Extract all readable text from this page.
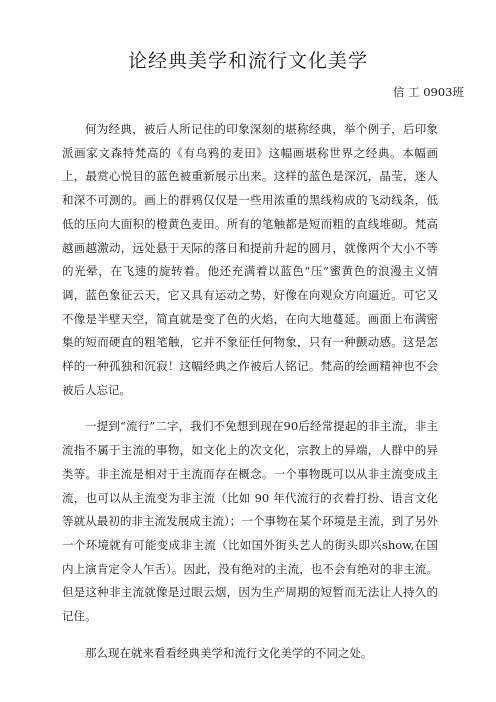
论经典美学和流行文化美学

信 工 0903班

何为经典，被后人所记住的印象深刻的堪称经典，举个例子，后印象派画家文森特梵高的《有乌鸦的麦田》这幅画堪称世界之经典。本幅画上，最赏心悦目的蓝色被重新展示出来。这样的蓝色是深沉，晶莹，迷人和深不可测的。画上的群鸦仅仅是一些用浓重的黑线构成的飞动线条，低低的压向大面积的橙黄色麦田。所有的笔触都是短而粗的直线堆砌。梵高越画越激动，远处悬于天际的落日和提前升起的圆月，就像两个大小不等的光晕，在飞速的旋转着。他还充满着以蓝色“压”蜜黄色的浪漫主义情调，蓝色象征云天，它又具有运动之势，好像在向观众方向逼近。可它又不像是半壁天空，简直就是变了色的火焰，在向大地蔓延。画面上布满密集的短而硬直的粗笔触，它并不象征任何物象，只有一种颤动感。这是怎样的一种孤独和沉寂！这幅经典之作被后人铭记。梵高的绘画精神也不会被后人忘记。

一提到“流行”二字，我们不免想到现在90后经常提起的非主流，非主流指不属于主流的事物，如文化上的次文化，宗教上的异端，人群中的异类等。非主流是相对于主流而存在概念。一个事物既可以从非主流变成主流，也可以从主流变为非主流（比如 90 年代流行的衣着打扮、语言文化等就从最初的非主流发展成主流）；一个事物在某个环境是主流，到了另外一个环境就有可能变成非主流（比如国外街头艺人的街头即兴show,在国内上演肯定令人乍舌）。因此，没有绝对的主流，也不会有绝对的非主流。但是这种非主流就像是过眼云烟，因为生产周期的短暂而无法让人持久的记住。

那么现在就来看看经典美学和流行文化美学的不同之处。
